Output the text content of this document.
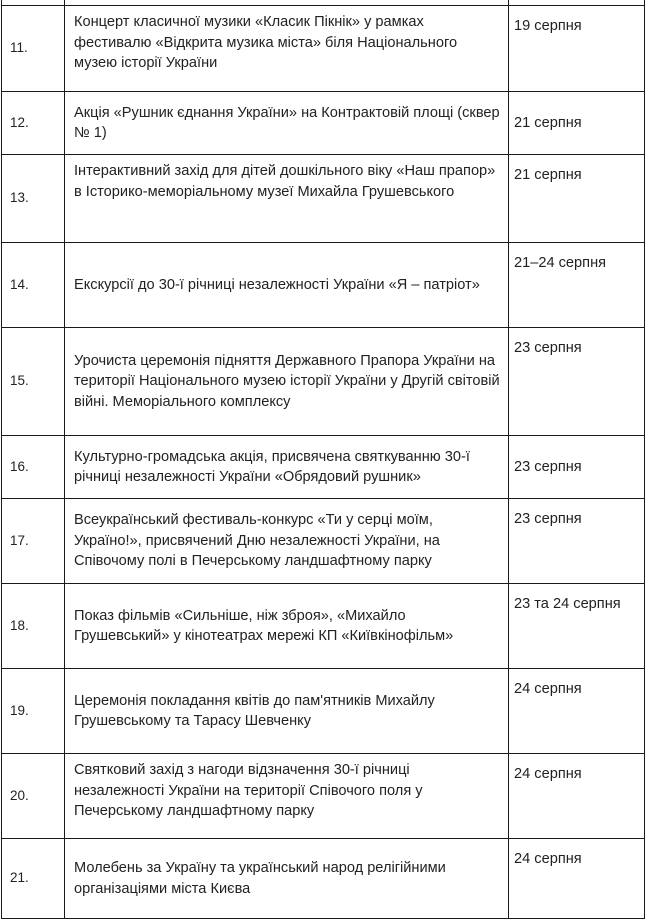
11.	Концерт класичної музики «Класик Пікнік» у рамках фестивалю «Відкрита музика міста» біля Національного музею історії України	19 серпня
12.	Акція «Рушник єднання України» на Контрактовій площі (сквер № 1)	21 серпня
13.	Інтерактивний захід для дітей дошкільного віку «Наш прапор» в Історико-меморіальному музеї Михайла Грушевського	21 серпня
14.	Екскурсії до 30-ї річниці незалежності України «Я – патріот»	21–24 серпня
15.	Урочиста церемонія підняття Державного Прапора України на території Національного музею історії України у Другій світовій війні. Меморіального комплексу	23 серпня
16.	Культурно-громадська акція, присвячена святкуванню 30-ї річниці незалежності України «Обрядовий рушник»	23 серпня
17.	Всеукраїнський фестиваль-конкурс «Ти у серці моїм, Україно!», присвячений Дню незалежності України, на Співочому полі в Печерському ландшафтному парку	23 серпня
18.	Показ фільмів «Сильніше, ніж зброя», «Михайло Грушевський» у кінотеатрах мережі КП «Київкінофільм»	23 та 24 серпня
19.	Церемонія покладання квітів до пам'ятників Михайлу Грушевському та Тарасу Шевченку	24 серпня
20.	Святковий захід з нагоди відзначення 30-ї річниці незалежності України на території Співочого поля у Печерському ландшафтному парку	24 серпня
21.	Молебень за Україну та український народ релігійними організаціями міста Києва	24 серпня
